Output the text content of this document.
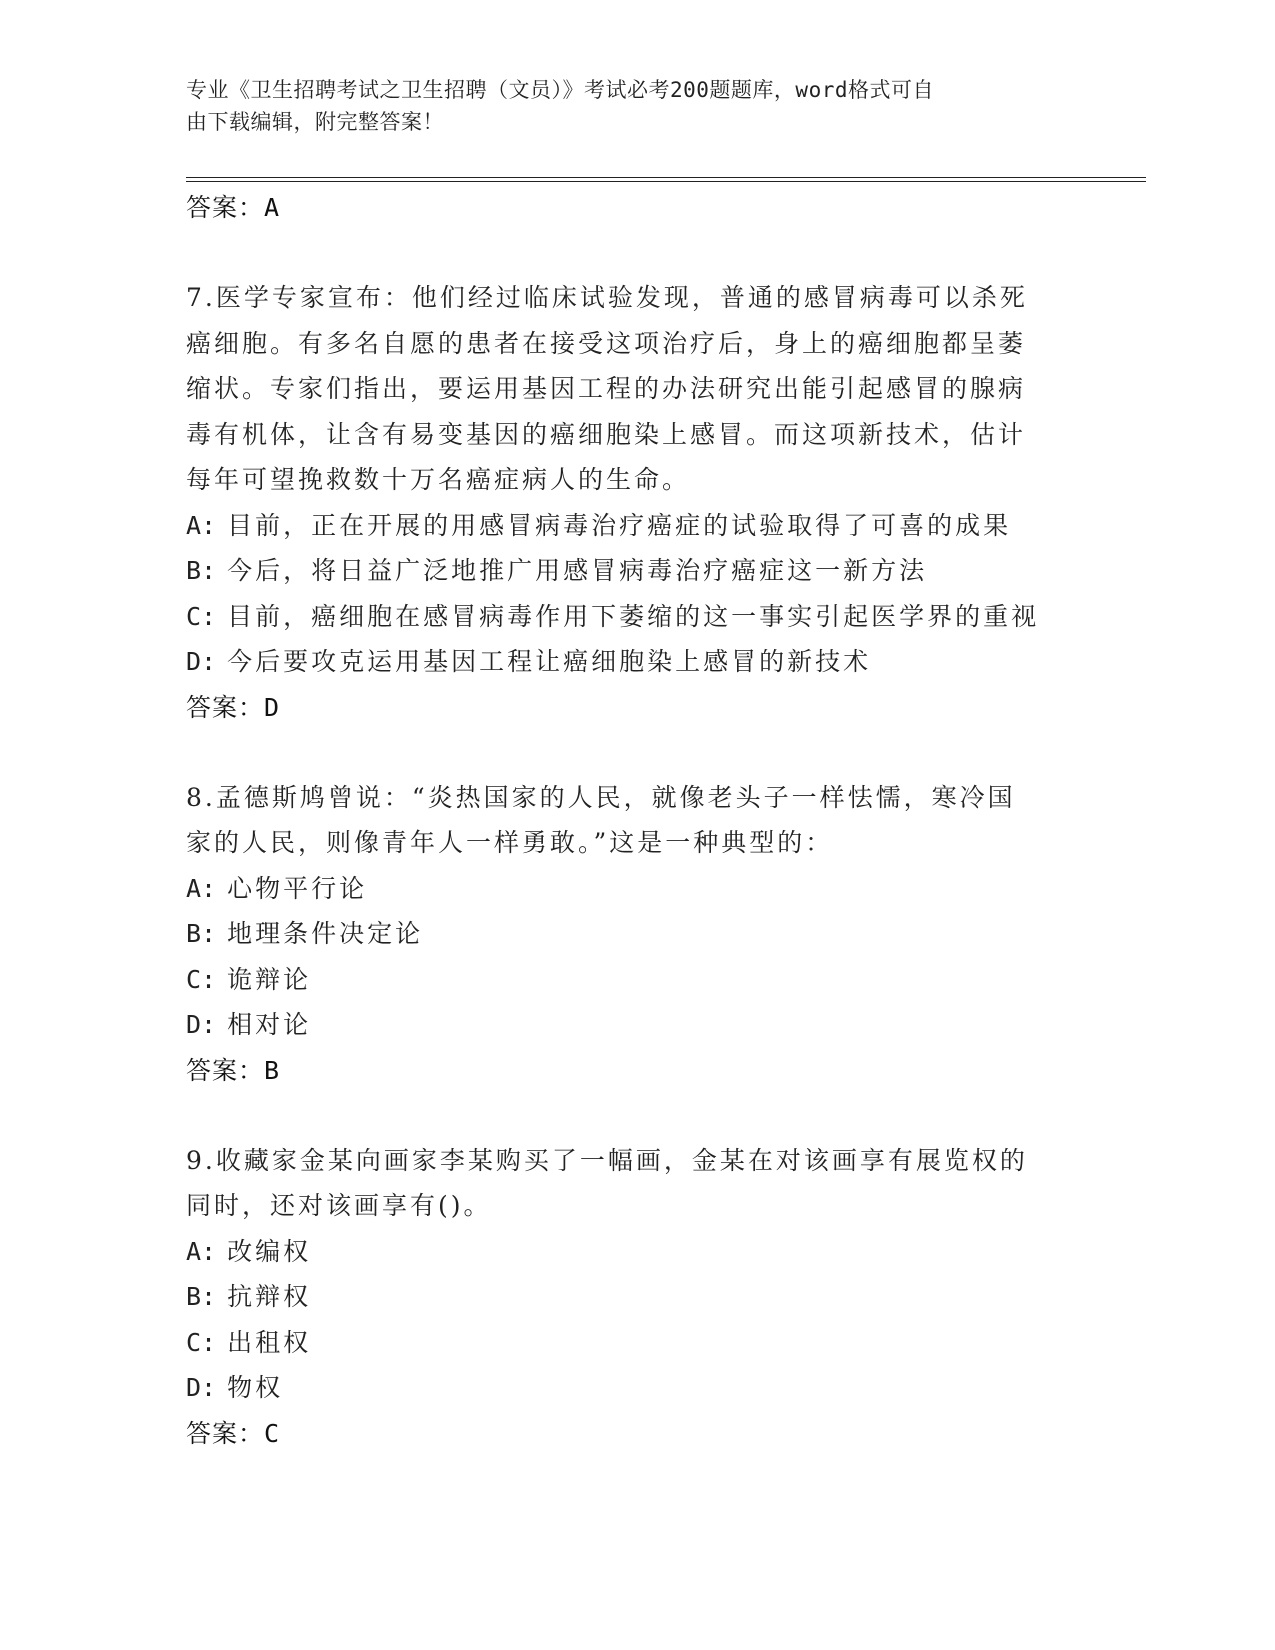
专业《卫生招聘考试之卫生招聘（文员）》考试必考200题题库，word格式可自
由下载编辑，附完整答案！
答案：A
7.医学专家宣布：他们经过临床试验发现，普通的感冒病毒可以杀死
癌细胞。有多名自愿的患者在接受这项治疗后，身上的癌细胞都呈萎
缩状。专家们指出，要运用基因工程的办法研究出能引起感冒的腺病
毒有机体，让含有易变基因的癌细胞染上感冒。而这项新技术，估计
每年可望挽救数十万名癌症病人的生命。
A: 目前，正在开展的用感冒病毒治疗癌症的试验取得了可喜的成果
B: 今后，将日益广泛地推广用感冒病毒治疗癌症这一新方法
C: 目前，癌细胞在感冒病毒作用下萎缩的这一事实引起医学界的重视
D: 今后要攻克运用基因工程让癌细胞染上感冒的新技术
答案：D
8.孟德斯鸠曾说：“炎热国家的人民，就像老头子一样怯懦，寒冷国
家的人民，则像青年人一样勇敢。”这是一种典型的：
A: 心物平行论
B: 地理条件决定论
C: 诡辩论
D: 相对论
答案：B
9.收藏家金某向画家李某购买了一幅画，金某在对该画享有展览权的
同时，还对该画享有()。
A: 改编权
B: 抗辩权
C: 出租权
D: 物权
答案：C
